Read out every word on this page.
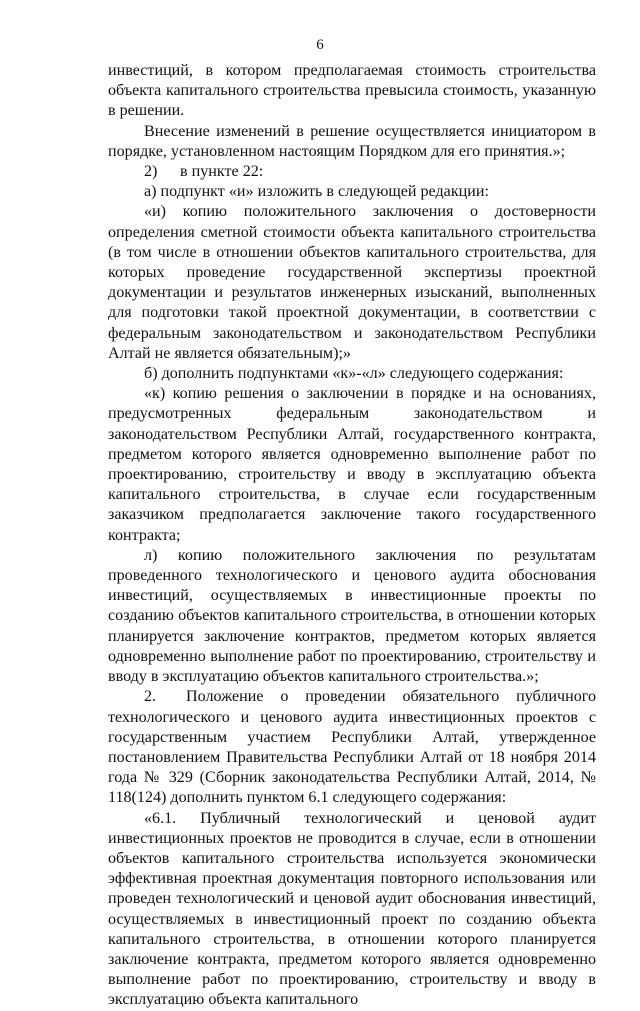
6

инвестиций, в котором предполагаемая стоимость строительства объекта капитального строительства превысила стоимость, указанную в решении.

Внесение изменений в решение осуществляется инициатором в порядке, установленном настоящим Порядком для его принятия.»;

2) в пункте 22:

а) подпункт «и» изложить в следующей редакции:

«и) копию положительного заключения о достоверности определения сметной стоимости объекта капитального строительства (в том числе в отношении объектов капитального строительства, для которых проведение государственной экспертизы проектной документации и результатов инженерных изысканий, выполненных для подготовки такой проектной документации, в соответствии с федеральным законодательством и законодательством Республики Алтай не является обязательным);»

б) дополнить подпунктами «к»-«л» следующего содержания:

«к) копию решения о заключении в порядке и на основаниях, предусмотренных федеральным законодательством и законодательством Республики Алтай, государственного контракта, предметом которого является одновременно выполнение работ по проектированию, строительству и вводу в эксплуатацию объекта капитального строительства, в случае если государственным заказчиком предполагается заключение такого государственного контракта;

л) копию положительного заключения по результатам проведенного технологического и ценового аудита обоснования инвестиций, осуществляемых в инвестиционные проекты по созданию объектов капитального строительства, в отношении которых планируется заключение контрактов, предметом которых является одновременно выполнение работ по проектированию, строительству и вводу в эксплуатацию объектов капитального строительства.»;

2. Положение о проведении обязательного публичного технологического и ценового аудита инвестиционных проектов с государственным участием Республики Алтай, утвержденное постановлением Правительства Республики Алтай от 18 ноября 2014 года № 329 (Сборник законодательства Республики Алтай, 2014, № 118(124) дополнить пунктом 6.1 следующего содержания:

«6.1. Публичный технологический и ценовой аудит инвестиционных проектов не проводится в случае, если в отношении объектов капитального строительства используется экономически эффективная проектная документация повторного использования или проведен технологический и ценовой аудит обоснования инвестиций, осуществляемых в инвестиционный проект по созданию объекта капитального строительства, в отношении которого планируется заключение контракта, предметом которого является одновременно выполнение работ по проектированию, строительству и вводу в эксплуатацию объекта капитального
